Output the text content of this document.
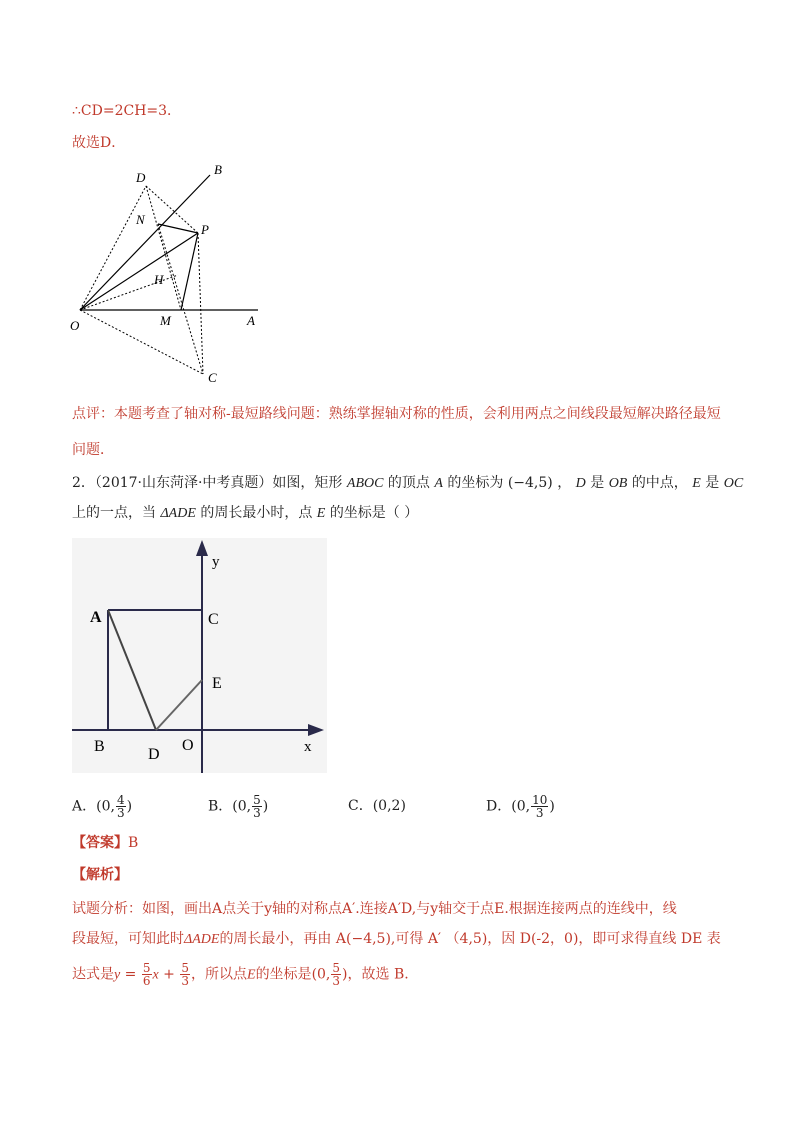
∴CD=2CH=3．
故选D．
D
B
N
P
H
O	M	A
C
点评：本题考查了轴对称-最短路线问题：熟练掌握轴对称的性质，会利用两点之间线段最短解决路径最短
问题．
2．（2017·山东菏泽·中考真题）如图，矩形 ABOC 的顶点 A 的坐标为 (−4,5) ， D 是 OB 的中点， E 是 OC
上的一点，当 ΔADE 的周长最小时，点 E 的坐标是（ ）
y
A	C
E
B	D
O	x
A．(0, $\frac{4}{3}$ )	B．(0, $\frac{5}{3}$ )	C．(0,2)	D．(0, $\frac{10}{3}$ )
【答案】B
【解析】
试题分析：如图，画出A点关于y轴的对称点A′.连接A′D,与y轴交于点E.根据连接两点的连线中，线
段最短，可知此时ΔADE的周长最小，再由 A(−4,5),可得 A′ （4,5)，因 D(-2，0)，即可求得直线 DE 表
达式是$y = \frac{5}{6}$ $x + \frac{5}{3}$ ，所以点E的坐标是(0, $\frac{5}{3}$ )，故选 B.
